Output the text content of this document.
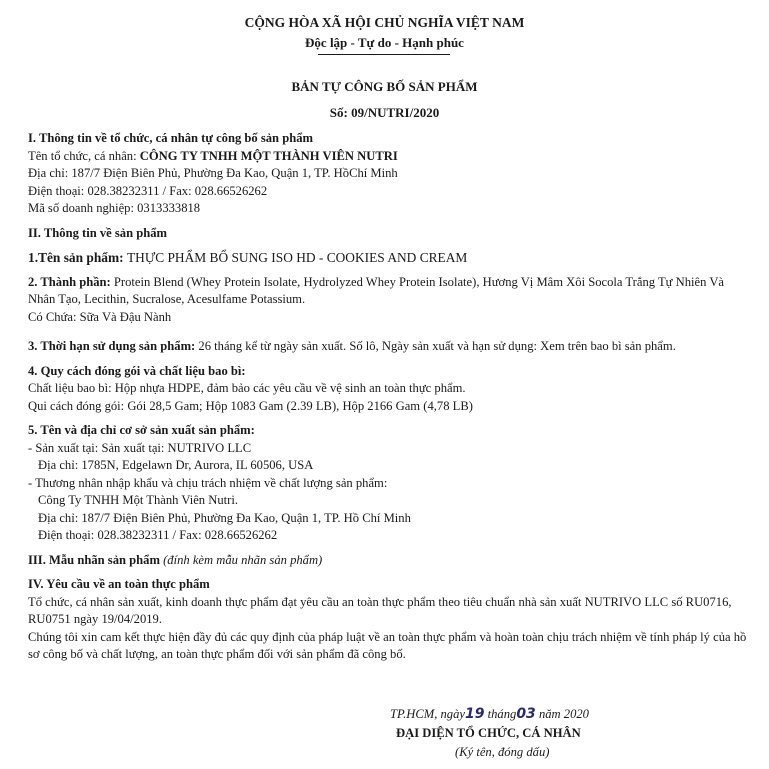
CỘNG HÒA XÃ HỘI CHỦ NGHĨA VIỆT NAM
Độc lập - Tự do - Hạnh phúc
BẢN TỰ CÔNG BỐ SẢN PHẨM
Số: 09/NUTRI/2020
I. Thông tin về tổ chức, cá nhân tự công bố sản phẩm
Tên tổ chức, cá nhân: CÔNG TY TNHH MỘT THÀNH VIÊN NUTRI
Địa chỉ: 187/7 Điện Biên Phủ, Phường Đa Kao, Quận 1, TP. HồChí Minh
Điện thoại: 028.38232311 / Fax: 028.66526262
Mã số doanh nghiệp: 0313333818
II. Thông tin về sản phẩm
1.Tên sản phẩm: THỰC PHẨM BỔ SUNG ISO HD - COOKIES AND CREAM
2. Thành phần: Protein Blend (Whey Protein Isolate, Hydrolyzed Whey Protein Isolate), Hương Vị Mâm Xôi Socola Trắng Tự Nhiên Và Nhân Tạo, Lecithin, Sucralose, Acesulfame Potassium.
Có Chứa: Sữa Và Đậu Nành
3. Thời hạn sử dụng sản phẩm: 26 tháng kể từ ngày sản xuất. Số lô, Ngày sản xuất và hạn sử dụng: Xem trên bao bì sản phẩm.
4. Quy cách đóng gói và chất liệu bao bì:
Chất liệu bao bì: Hộp nhựa HDPE, đảm bảo các yêu cầu về vệ sinh an toàn thực phẩm.
Qui cách đóng gói: Gói 28,5 Gam; Hộp 1083 Gam (2.39 LB), Hộp 2166 Gam (4,78 LB)
5. Tên và địa chỉ cơ sở sản xuất sản phẩm:
- Sản xuất tại: Sản xuất tại: NUTRIVO LLC
Địa chỉ: 1785N, Edgelawn Dr, Aurora, IL 60506, USA
- Thương nhân nhập khẩu và chịu trách nhiệm về chất lượng sản phẩm:
Công Ty TNHH Một Thành Viên Nutri.
Địa chỉ: 187/7 Điện Biên Phủ, Phường Đa Kao, Quận 1, TP. Hồ Chí Minh
Điện thoại: 028.38232311 / Fax: 028.66526262
III. Mẫu nhãn sản phẩm (đính kèm mẫu nhãn sản phẩm)
IV. Yêu cầu về an toàn thực phẩm
Tổ chức, cá nhân sản xuất, kinh doanh thực phẩm đạt yêu cầu an toàn thực phẩm theo tiêu chuẩn nhà sản xuất NUTRIVO LLC số RU0716, RU0751 ngày 19/04/2019.
Chúng tôi xin cam kết thực hiện đầy đủ các quy định của pháp luật về an toàn thực phẩm và hoàn toàn chịu trách nhiệm về tính pháp lý của hồ sơ công bố và chất lượng, an toàn thực phẩm đối với sản phẩm đã công bố.
TP.HCM, ngày19 tháng03 năm 2020
ĐẠI DIỆN TỔ CHỨC, CÁ NHÂN
(Ký tên, đóng dấu)
